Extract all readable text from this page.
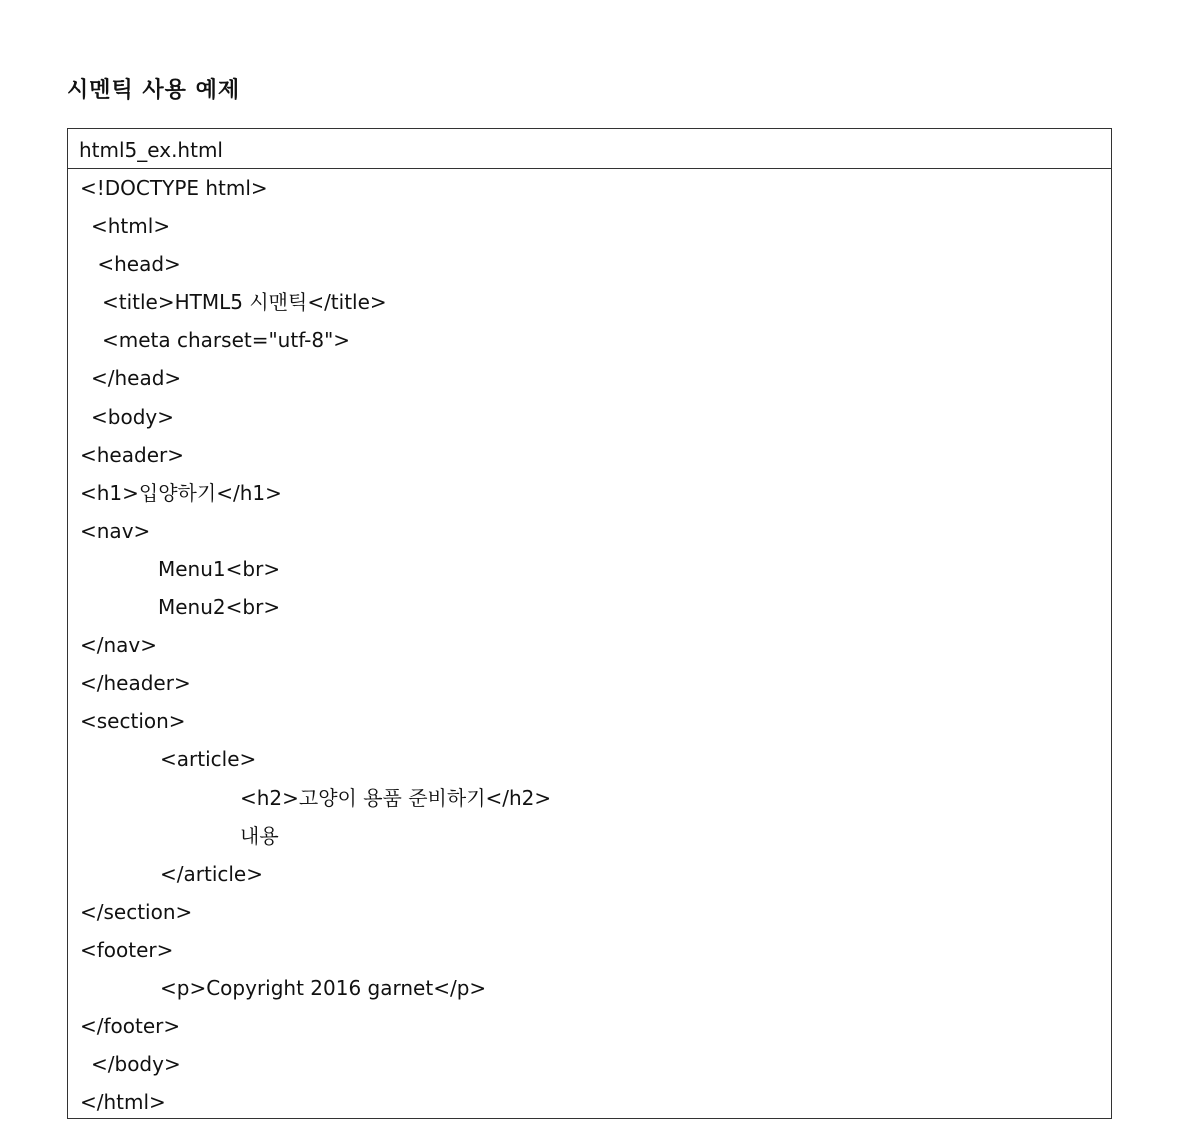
시멘틱 사용 예제
html5_ex.html
<!DOCTYPE html>
<html>
<head>
<title>HTML5 시맨틱</title>
<meta charset="utf-8">
</head>
<body>
<header>
<h1>입양하기</h1>
<nav>
Menu1<br>
Menu2<br>
</nav>
</header>
<section>
<article>
<h2>고양이 용품 준비하기</h2>
내용
</article>
</section>
<footer>
<p>Copyright 2016 garnet</p>
</footer>
</body>
</html>
